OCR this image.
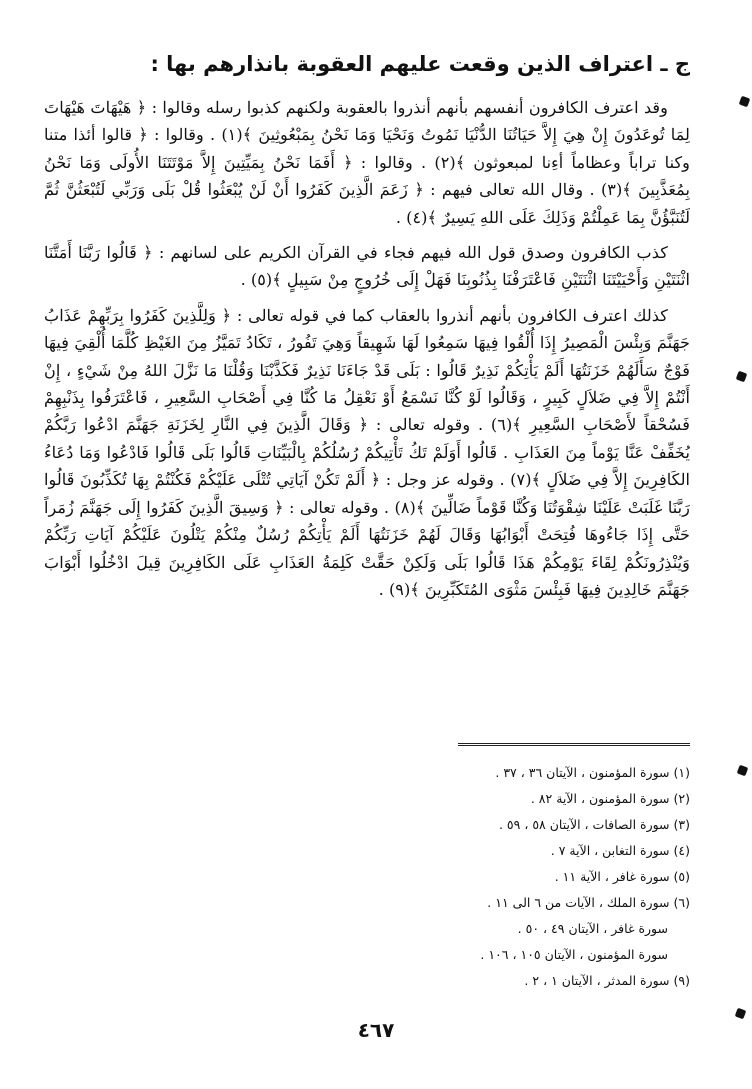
ج ـ اعتراف الذين وقعت عليهم العقوبة بانذارهم بها :

وقد اعترف الكافرون أنفسهم بأنهم أنذروا بالعقوبة ولكنهم كذبوا رسله وقالوا : ﴿ هَيْهَاتَ هَيْهَاتَ لِمَا تُوعَدُونَ إِنْ هِيَ إِلاَّ حَيَاتُنَا الدُّنْيَا نَمُوتُ وَنَحْيَا وَمَا نَحْنُ بِمَبْعُوثِينَ ﴾(١) . وقالوا : ﴿ قالوا أئذا متنا وكنا تراباً وعظاماً أءِنا لمبعوثون ﴾(٢) . وقالوا : ﴿ أَفَمَا نَحْنُ بِمَيِّتِينَ إِلاَّ مَوْتَتَنَا الأُولَى وَمَا نَحْنُ بِمُعَذَّبِينَ ﴾(٣) . وقال الله تعالى فيهم : ﴿ زَعَمَ الَّذِينَ كَفَرُوا أَنْ لَنْ يُبْعَثُوا قُلْ بَلَى وَرَبِّي لَتُبْعَثُنَّ ثُمَّ لَتُنَبَّؤُنَّ بِمَا عَمِلْتُمْ وَذَلِكَ عَلَى اللهِ يَسِيرٌ ﴾(٤) .

كذب الكافرون وصدق قول الله فيهم فجاء في القرآن الكريم على لسانهم : ﴿ قَالُوا رَبَّنَا أَمَتَّنَا اثْنَتَيْنِ وَأَحْيَيْتَنَا اثْنَتَيْنِ فَاعْتَرَفْنَا بِذُنُوبِنَا فَهَلْ إِلَى خُرُوجٍ مِنْ سَبِيلٍ ﴾(٥) .

كذلك اعترف الكافرون بأنهم أنذروا بالعقاب كما في قوله تعالى : ﴿ وَلِلَّذِينَ كَفَرُوا بِرَبِّهِمْ عَذَابُ جَهَنَّمَ وَبِئْسَ الْمَصِيرُ إِذَا أُلْقُوا فِيهَا سَمِعُوا لَهَا شَهِيقاً وَهِيَ تَفُورُ ، تَكَادُ تَمَيَّزُ مِنَ الغَيْظِ كُلَّمَا أُلْقِيَ فِيهَا فَوْجٌ سَأَلَهُمْ خَزَنَتُهَا أَلَمْ يَأْتِكُمْ نَذِيرٌ قَالُوا : بَلَى قَدْ جَاءَنَا نَذِيرٌ فَكَذَّبْنَا وَقُلْنَا مَا نَزَّلَ اللهُ مِنْ شَيْءٍ ، إِنْ أَنْتُمْ إِلاَّ فِي ضَلاَلٍ كَبِيرٍ ، وَقَالُوا لَوْ كُنَّا نَسْمَعُ أَوْ نَعْقِلُ مَا كُنَّا فِي أَصْحَابِ السَّعِيرِ ، فَاعْتَرَفُوا بِذَنْبِهِمْ فَسُحْقاً لأَصْحَابِ السَّعِيرِ ﴾(٦) . وقوله تعالى : ﴿ وَقَالَ الَّذِينَ فِي النَّارِ لِخَزَنَةِ جَهَنَّمَ ادْعُوا رَبَّكُمْ يُخَفِّفْ عَنَّا يَوْماً مِنَ العَذَابِ . قَالُوا أَوَلَمْ تَكُ تَأْتِيكُمْ رُسُلُكُمْ بِالْبَيِّنَاتِ قَالُوا بَلَى قَالُوا فَادْعُوا وَمَا دُعَاءُ الكَافِرِينَ إِلاَّ فِي ضَلاَلٍ ﴾(٧) . وقوله عز وجل : ﴿ أَلَمْ تَكُنْ آيَاتِي تُتْلَى عَلَيْكُمْ فَكُنْتُمْ بِهَا تُكَذِّبُونَ قَالُوا رَبَّنَا غَلَبَتْ عَلَيْنَا شِقْوَتُنَا وَكُنَّا قَوْماً ضَالِّينَ ﴾(٨) . وقوله تعالى : ﴿ وَسِيقَ الَّذِينَ كَفَرُوا إِلَى جَهَنَّمَ زُمَراً حَتَّى إِذَا جَاءُوهَا فُتِحَتْ أَبْوَابُهَا وَقَالَ لَهُمْ خَزَنَتُهَا أَلَمْ يَأْتِكُمْ رُسُلٌ مِنْكُمْ يَتْلُونَ عَلَيْكُمْ آيَاتِ رَبِّكُمْ وَيُنْذِرُونَكُمْ لِقَاءَ يَوْمِكُمْ هَذَا قَالُوا بَلَى وَلَكِنْ حَقَّتْ كَلِمَةُ العَذَابِ عَلَى الكَافِرِينَ قِيلَ ادْخُلُوا أَبْوَابَ جَهَنَّمَ خَالِدِينَ فِيهَا فَبِئْسَ مَثْوَى المُتَكَبِّرِينَ ﴾(٩) .

(١) سورة المؤمنون ، الآيتان ٣٦ ، ٣٧ .
(٢) سورة المؤمنون ، الآية ٨٢ .
(٣) سورة الصافات ، الآيتان ٥٨ ، ٥٩ .
(٤) سورة التغابن ، الآية ٧ .
(٥) سورة غافر ، الآية ١١ .
(٦) سورة الملك ، الآيات من ٦ الى ١١ .
سورة غافر ، الآيتان ٤٩ ، ٥٠ .
سورة المؤمنون ، الآيتان ١٠٥ ، ١٠٦ .
(٩) سورة المدثر ، الآيتان ١ ، ٢ .
٤٦٧
